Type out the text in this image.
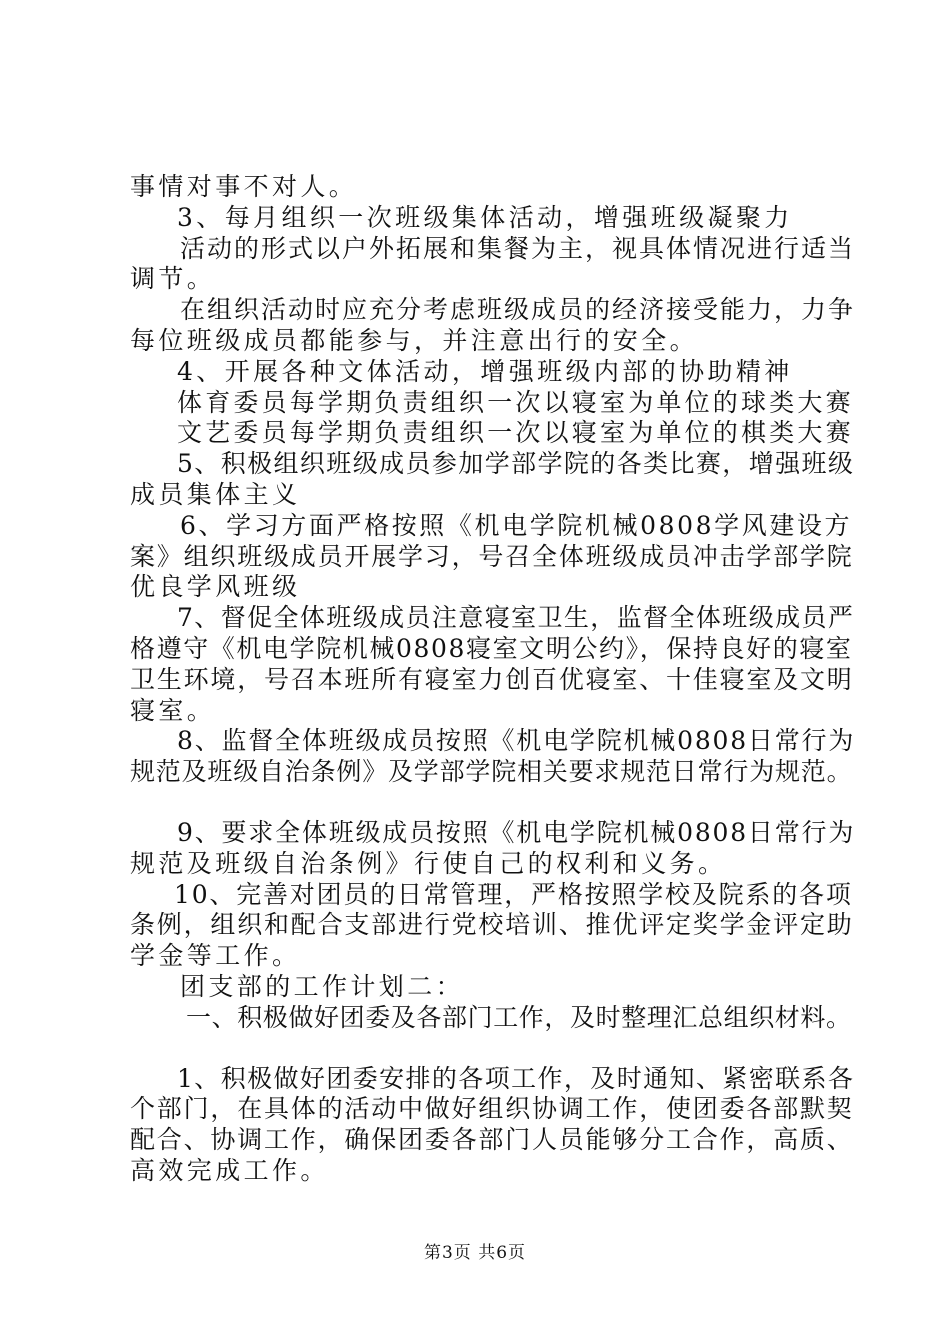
事情对事不对人。
3、每月组织一次班级集体活动，增强班级凝聚力
活动的形式以户外拓展和集餐为主，视具体情况进行适当
调节。
在组织活动时应充分考虑班级成员的经济接受能力，力争
每位班级成员都能参与，并注意出行的安全。
4、开展各种文体活动，增强班级内部的协助精神
体育委员每学期负责组织一次以寝室为单位的球类大赛
文艺委员每学期负责组织一次以寝室为单位的棋类大赛
5、积极组织班级成员参加学部学院的各类比赛，增强班级
成员集体主义
6、学习方面严格按照《机电学院机械0808学风建设方
案》组织班级成员开展学习，号召全体班级成员冲击学部学院
优良学风班级
7、督促全体班级成员注意寝室卫生，监督全体班级成员严
格遵守《机电学院机械0808寝室文明公约》，保持良好的寝室
卫生环境，号召本班所有寝室力创百优寝室、十佳寝室及文明
寝室。
8、监督全体班级成员按照《机电学院机械0808日常行为
规范及班级自治条例》及学部学院相关要求规范日常行为规范。
9、要求全体班级成员按照《机电学院机械0808日常行为
规范及班级自治条例》行使自己的权利和义务。
10、完善对团员的日常管理，严格按照学校及院系的各项
条例，组织和配合支部进行党校培训、推优评定奖学金评定助
学金等工作。
团支部的工作计划二：
一、积极做好团委及各部门工作，及时整理汇总组织材料。
1、积极做好团委安排的各项工作，及时通知、紧密联系各
个部门，在具体的活动中做好组织协调工作，使团委各部默契
配合、协调工作，确保团委各部门人员能够分工合作，高质、
高效完成工作。
第3页 共6页
